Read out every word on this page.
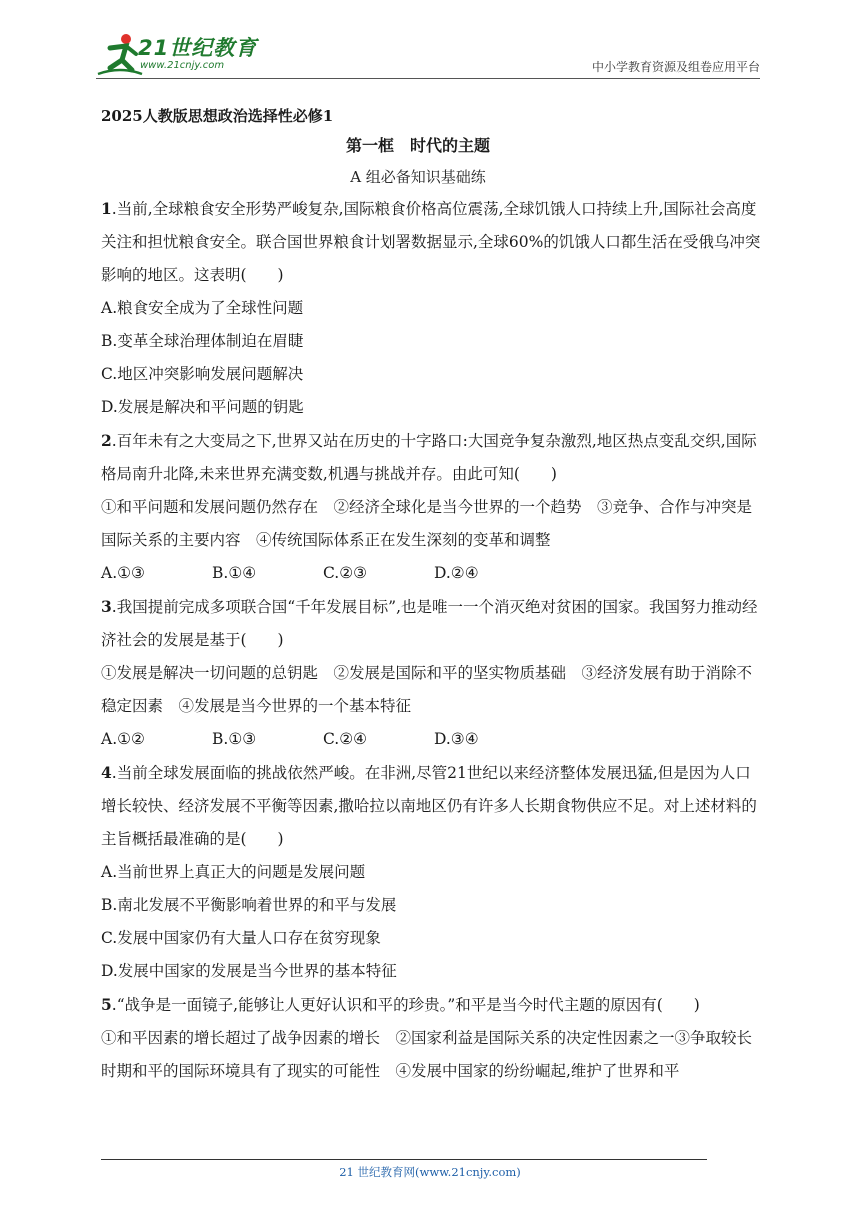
21世纪教育
www.21cnjy.com	中小学教育资源及组卷应用平台
2025人教版思想政治选择性必修1
第一框　时代的主题
A 组必备知识基础练

1.当前,全球粮食安全形势严峻复杂,国际粮食价格高位震荡,全球饥饿人口持续上升,国际社会高度关注和担忧粮食安全。联合国世界粮食计划署数据显示,全球60%的饥饿人口都生活在受俄乌冲突影响的地区。这表明(　　)

A.粮食安全成为了全球性问题

B.变革全球治理体制迫在眉睫

C.地区冲突影响发展问题解决

D.发展是解决和平问题的钥匙

2.百年未有之大变局之下,世界又站在历史的十字路口:大国竞争复杂激烈,地区热点变乱交织,国际格局南升北降,未来世界充满变数,机遇与挑战并存。由此可知(　　)

①和平问题和发展问题仍然存在　②经济全球化是当今世界的一个趋势　③竞争、合作与冲突是国际关系的主要内容　④传统国际体系正在发生深刻的变革和调整

A.①③	B.①④	C.②③	D.②④

3.我国提前完成多项联合国“千年发展目标”,也是唯一一个消灭绝对贫困的国家。我国努力推动经济社会的发展是基于(　　)

①发展是解决一切问题的总钥匙　②发展是国际和平的坚实物质基础　③经济发展有助于消除不稳定因素　④发展是当今世界的一个基本特征

A.①②	B.①③	C.②④	D.③④

4.当前全球发展面临的挑战依然严峻。在非洲,尽管21世纪以来经济整体发展迅猛,但是因为人口增长较快、经济发展不平衡等因素,撒哈拉以南地区仍有许多人长期食物供应不足。对上述材料的主旨概括最准确的是(　　)

A.当前世界上真正大的问题是发展问题

B.南北发展不平衡影响着世界的和平与发展

C.发展中国家仍有大量人口存在贫穷现象

D.发展中国家的发展是当今世界的基本特征

5.“战争是一面镜子,能够让人更好认识和平的珍贵。”和平是当今时代主题的原因有(　　)

①和平因素的增长超过了战争因素的增长　②国家利益是国际关系的决定性因素之一③争取较长时期和平的国际环境具有了现实的可能性　④发展中国家的纷纷崛起,维护了世界和平

21 世纪教育网(www.21cnjy.com)
